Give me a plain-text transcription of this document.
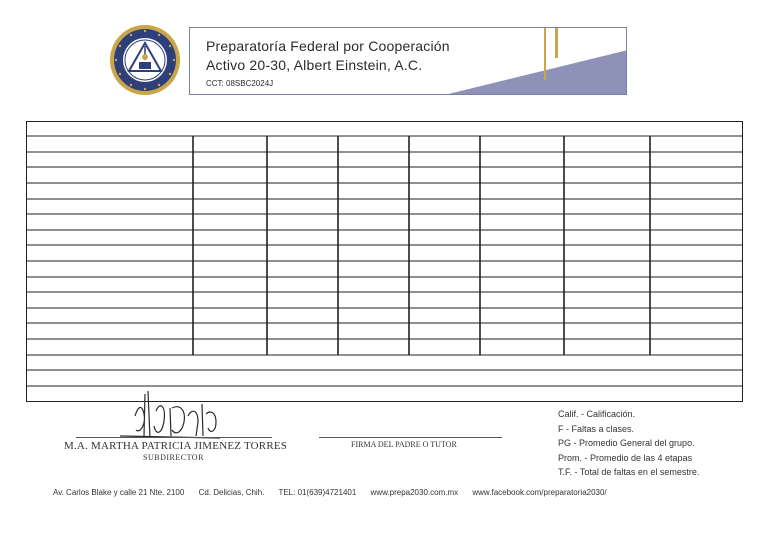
Preparatoría Federal por Cooperación
Activo 20-30, Albert Einstein, A.C.
CCT: 08SBC2024J
M.A. MARTHA PATRICIA JIMENEZ TORRES
SUBDIRECTOR
FIRMA DEL PADRE O TUTOR
Calif. - Calificación.
F - Faltas a clases.
PG - Promedio General del grupo.
Prom. - Promedio de las 4 etapas
T.F. - Total de faltas en el semestre.
Av. Carlos Blake y calle 21 Nte. 2100 Cd. Delicias, Chih. TEL: 01(639)4721401 www.prepa2030.com.mx www.facebook.com/preparatoria2030/
